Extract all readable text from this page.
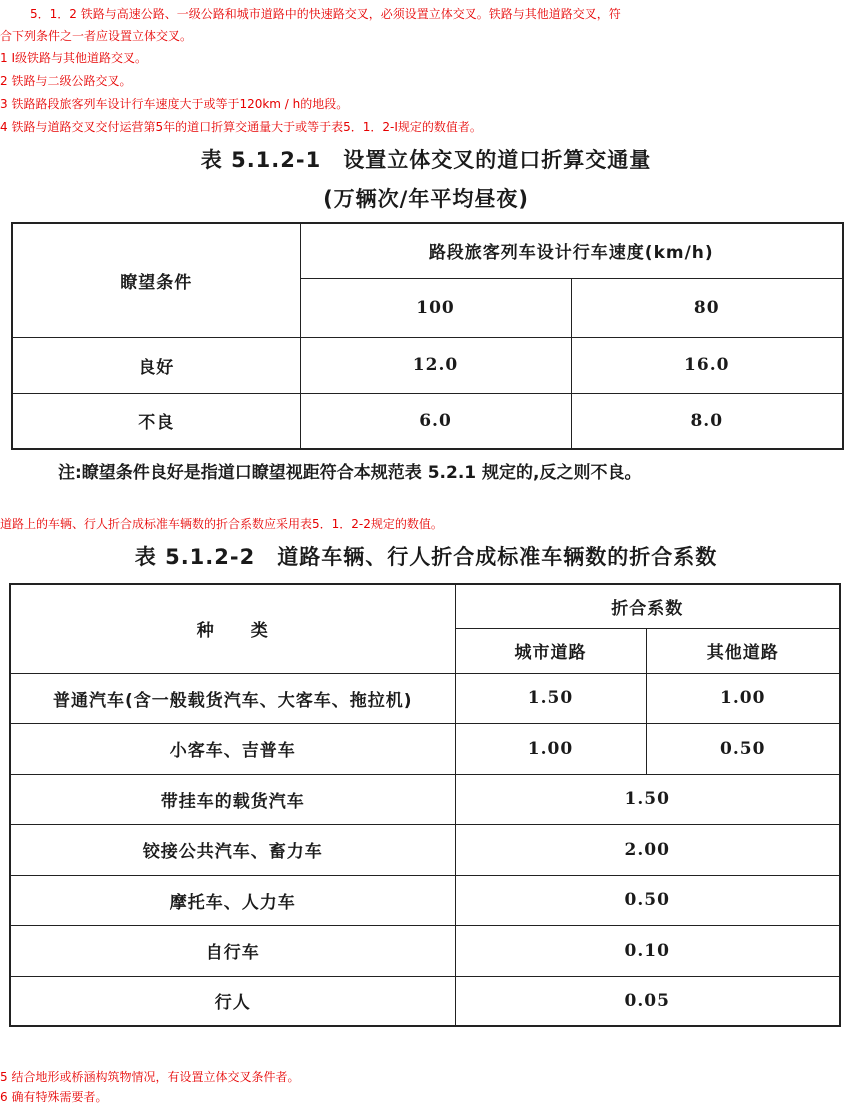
5．1．2 铁路与高速公路、一级公路和城市道路中的快速路交叉，必须设置立体交叉。铁路与其他道路交叉，符
合下列条件之一者应设置立体交叉。
1 Ⅰ级铁路与其他道路交叉。
2 铁路与二级公路交叉。
3 铁路路段旅客列车设计行车速度大于或等于120km / h的地段。
4 铁路与道路交叉交付运营第5年的道口折算交通量大于或等于表5．1．2-Ⅰ规定的数值者。
表 5.1.2-1　设置立体交叉的道口折算交通量
(万辆次/年平均昼夜)
瞭望条件	路段旅客列车设计行车速度(km/h)	
	100	80
良好	12.0	16.0
不良	6.0	8.0
注:瞭望条件良好是指道口瞭望视距符合本规范表 5.2.1 规定的,反之则不良。
道路上的车辆、行人折合成标准车辆数的折合系数应采用表5．1．2-2规定的数值。
表 5.1.2-2　道路车辆、行人折合成标准车辆数的折合系数
种　　类	折合系数	
	城市道路	其他道路
普通汽车(含一般载货汽车、大客车、拖拉机)	1.50	1.00
小客车、吉普车	1.00	0.50
带挂车的载货汽车	1.50	
铰接公共汽车、畜力车	2.00	
摩托车、人力车	0.50	
自行车	0.10	
行人	0.05	
5 结合地形或桥涵构筑物情况，有设置立体交叉条件者。
6 确有特殊需要者。
